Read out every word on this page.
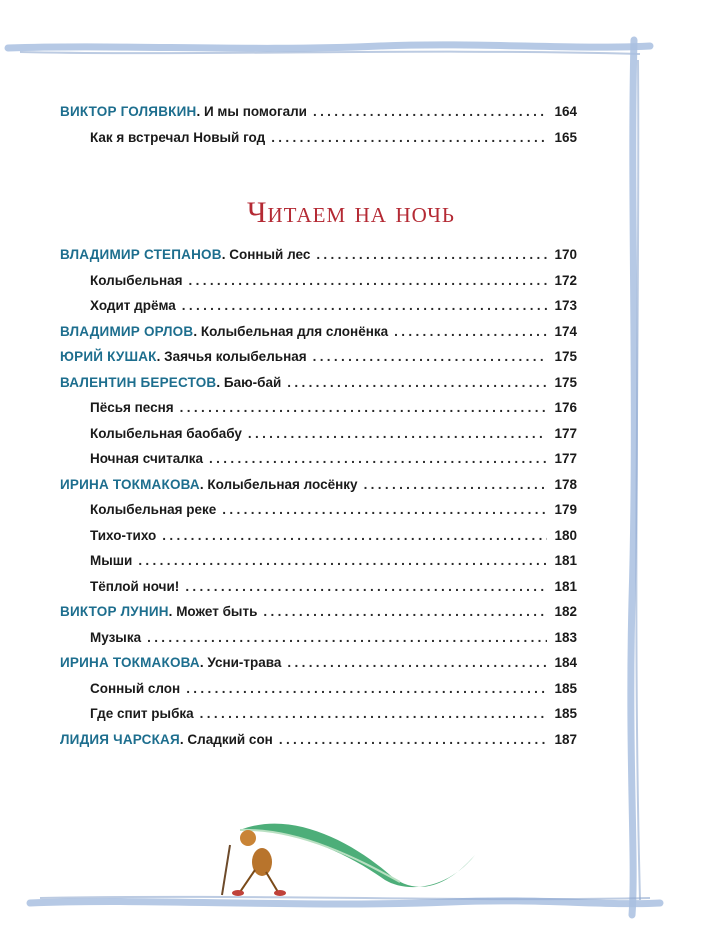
ВИКТОР ГОЛЯВКИН . И мы помогали . . .	164
Как я встречал Новый год . . .	165
Читаем на ночь
ВЛАДИМИР СТЕПАНОВ . Сонный лес . . .	170
Колыбельная . . .	172
Ходит дрёма . . .	173
ВЛАДИМИР ОРЛОВ . Колыбельная для слонёнка . . .	174
ЮРИЙ КУШАК . Заячья колыбельная . . .	175
ВАЛЕНТИН БЕРЕСТОВ . Баю-бай . . .	175
Пёсья песня . . .	176
Колыбельная баобабу . . .	177
Ночная считалка . . .	177
ИРИНА ТОКМАКОВА . Колыбельная лосёнку . . .	178
Колыбельная реке . . .	179
Тихо-тихо . . .	180
Мыши . . .	181
Тёплой ночи! . . .	181
ВИКТОР ЛУНИН . Может быть . . .	182
Музыка . . .	183
ИРИНА ТОКМАКОВА . Усни-трава . . .	184
Сонный слон . . .	185
Где спит рыбка . . .	185
ЛИДИЯ ЧАРСКАЯ . Сладкий сон . . .	187
